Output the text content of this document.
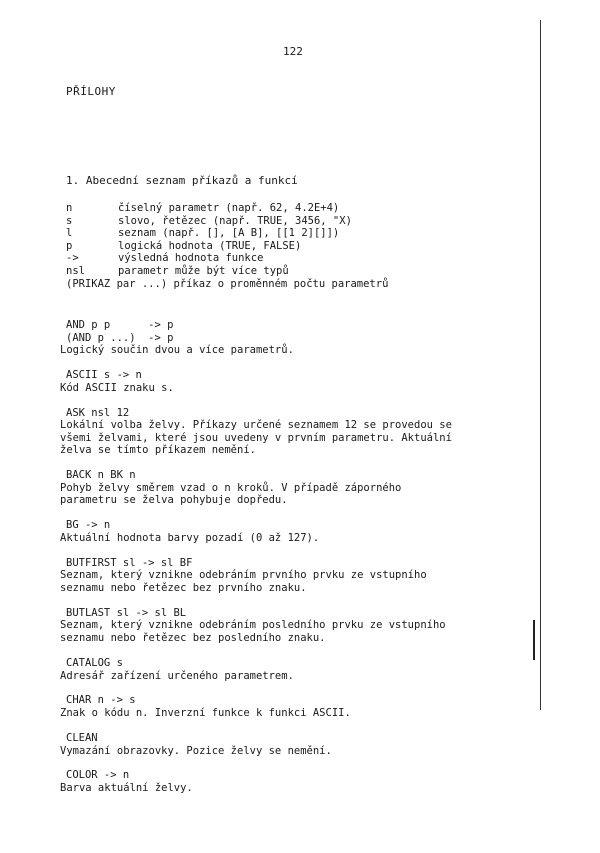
122
PŘÍLOHY
1. Abecední seznam příkazů a funkcí
n	číselný parametr (např. 62, 4.2E+4)
s	slovo, řetězec (např. TRUE, 3456, "X)
l	seznam (např. [], [A B], [[1 2][]])
p	logická hodnota (TRUE, FALSE)
->	výsledná hodnota funkce
nsl	parametr může být více typů
(PRIKAZ par ...) příkaz o proměnném počtu parametrů
AND p p      -> p
(AND p ...)  -> p
Logický součin dvou a více parametrů.
ASCII s -> n
Kód ASCII znaku s.
ASK nsl 12
Lokální volba želvy. Příkazy určené seznamem 12 se provedou se
všemi želvami, které jsou uvedeny v prvním parametru. Aktuální
želva se tímto příkazem nemění.
BACK n BK n
Pohyb želvy směrem vzad o n kroků. V případě záporného
parametru se želva pohybuje dopředu.
BG -> n
Aktuální hodnota barvy pozadí (0 až 127).
BUTFIRST sl -> sl BF
Seznam, který vznikne odebráním prvního prvku ze vstupního
seznamu nebo řetězec bez prvního znaku.
BUTLAST sl -> sl BL
Seznam, který vznikne odebráním posledního prvku ze vstupního
seznamu nebo řetězec bez posledního znaku.
CATALOG s
Adresář zařízení určeného parametrem.
CHAR n -> s
Znak o kódu n. Inverzní funkce k funkci ASCII.
CLEAN
Vymazání obrazovky. Pozice želvy se nemění.
COLOR -> n
Barva aktuální želvy.
